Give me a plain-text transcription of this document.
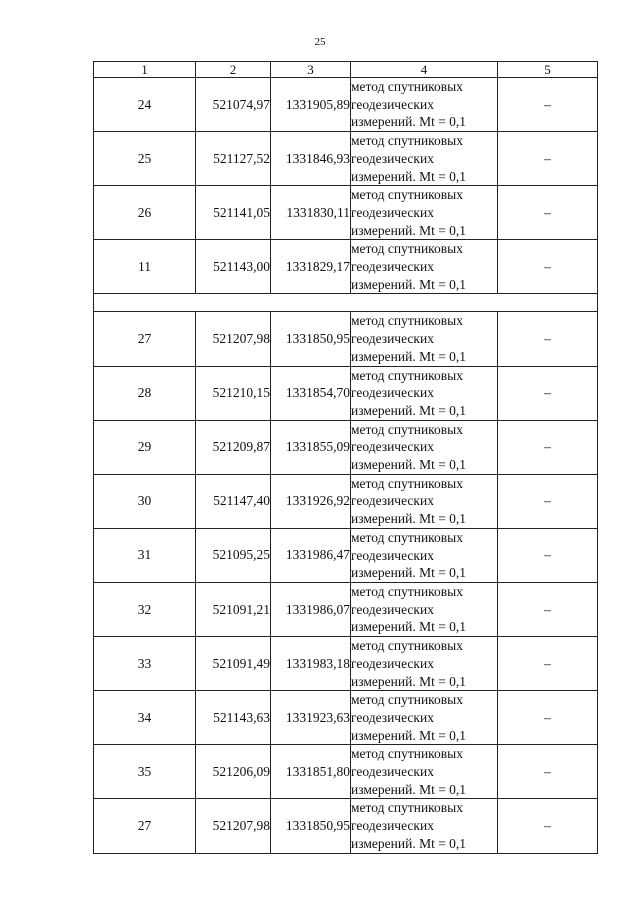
25
1	2	3	4	5
24	521074,97	1331905,89	метод спутниковых
геодезических
измерений. Mt = 0,1	–
25	521127,52	1331846,93	метод спутниковых
геодезических
измерений. Mt = 0,1	–
26	521141,05	1331830,11	метод спутниковых
геодезических
измерений. Mt = 0,1	–
11	521143,00	1331829,17	метод спутниковых
геодезических
измерений. Mt = 0,1	–

27	521207,98	1331850,95	метод спутниковых
геодезических
измерений. Mt = 0,1	–
28	521210,15	1331854,70	метод спутниковых
геодезических
измерений. Mt = 0,1	–
29	521209,87	1331855,09	метод спутниковых
геодезических
измерений. Mt = 0,1	–
30	521147,40	1331926,92	метод спутниковых
геодезических
измерений. Mt = 0,1	–
31	521095,25	1331986,47	метод спутниковых
геодезических
измерений. Mt = 0,1	–
32	521091,21	1331986,07	метод спутниковых
геодезических
измерений. Mt = 0,1	–
33	521091,49	1331983,18	метод спутниковых
геодезических
измерений. Mt = 0,1	–
34	521143,63	1331923,63	метод спутниковых
геодезических
измерений. Mt = 0,1	–
35	521206,09	1331851,80	метод спутниковых
геодезических
измерений. Mt = 0,1	–
27	521207,98	1331850,95	метод спутниковых
геодезических
измерений. Mt = 0,1	–
